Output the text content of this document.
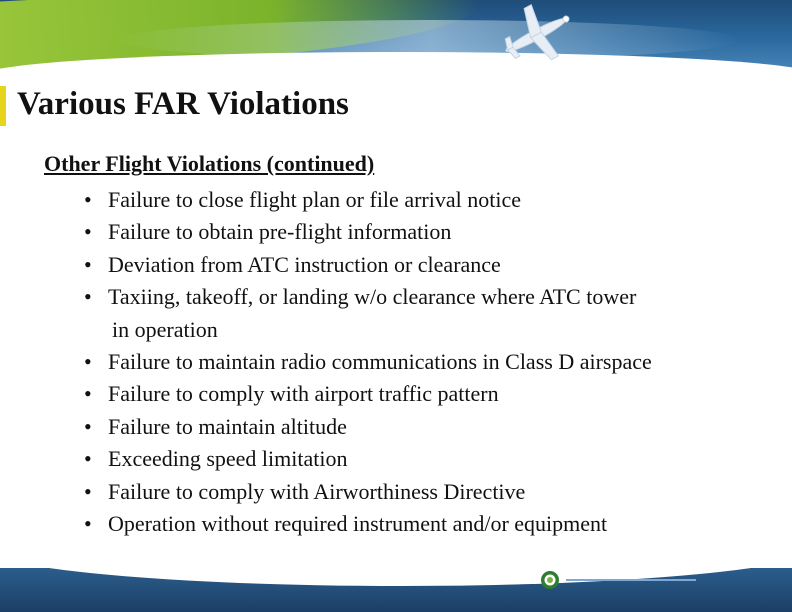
Various FAR Violations
Other Flight Violations (continued)
• Failure to close flight plan or file arrival notice
• Failure to obtain pre-flight information
• Deviation from ATC instruction or clearance
• Taxiing, takeoff, or landing w/o clearance where ATC tower
in operation
• Failure to maintain radio communications in Class D airspace
• Failure to comply with airport traffic pattern
• Failure to maintain altitude
• Exceeding speed limitation
• Failure to comply with Airworthiness Directive
• Operation without required instrument and/or equipment
